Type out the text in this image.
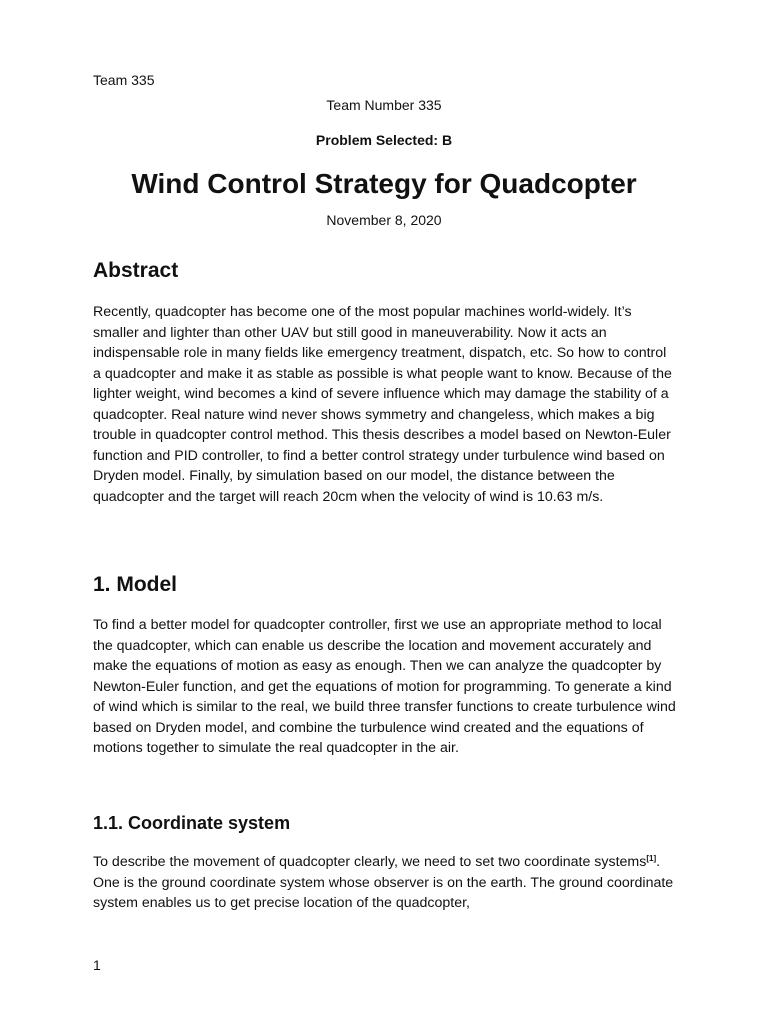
Team 335

Team Number 335

Problem Selected: B

Wind Control Strategy for Quadcopter

November 8, 2020

Abstract

Recently, quadcopter has become one of the most popular machines world-widely. It’s smaller and lighter than other UAV but still good in maneuverability. Now it acts an indispensable role in many fields like emergency treatment, dispatch, etc. So how to control a quadcopter and make it as stable as possible is what people want to know. Because of the lighter weight, wind becomes a kind of severe influence which may damage the stability of a quadcopter. Real nature wind never shows symmetry and changeless, which makes a big trouble in quadcopter control method. This thesis describes a model based on Newton-Euler function and PID controller, to find a better control strategy under turbulence wind based on Dryden model. Finally, by simulation based on our model, the distance between the quadcopter and the target will reach 20cm when the velocity of wind is 10.63 m/s.

1. Model

To find a better model for quadcopter controller, first we use an appropriate method to local the quadcopter, which can enable us describe the location and movement accurately and make the equations of motion as easy as enough. Then we can analyze the quadcopter by Newton-Euler function, and get the equations of motion for programming. To generate a kind of wind which is similar to the real, we build three transfer functions to create turbulence wind based on Dryden model, and combine the turbulence wind created and the equations of motions together to simulate the real quadcopter in the air.

1.1. Coordinate system

To describe the movement of quadcopter clearly, we need to set two coordinate systems[1]. One is the ground coordinate system whose observer is on the earth. The ground coordinate system enables us to get precise location of the quadcopter,

1
